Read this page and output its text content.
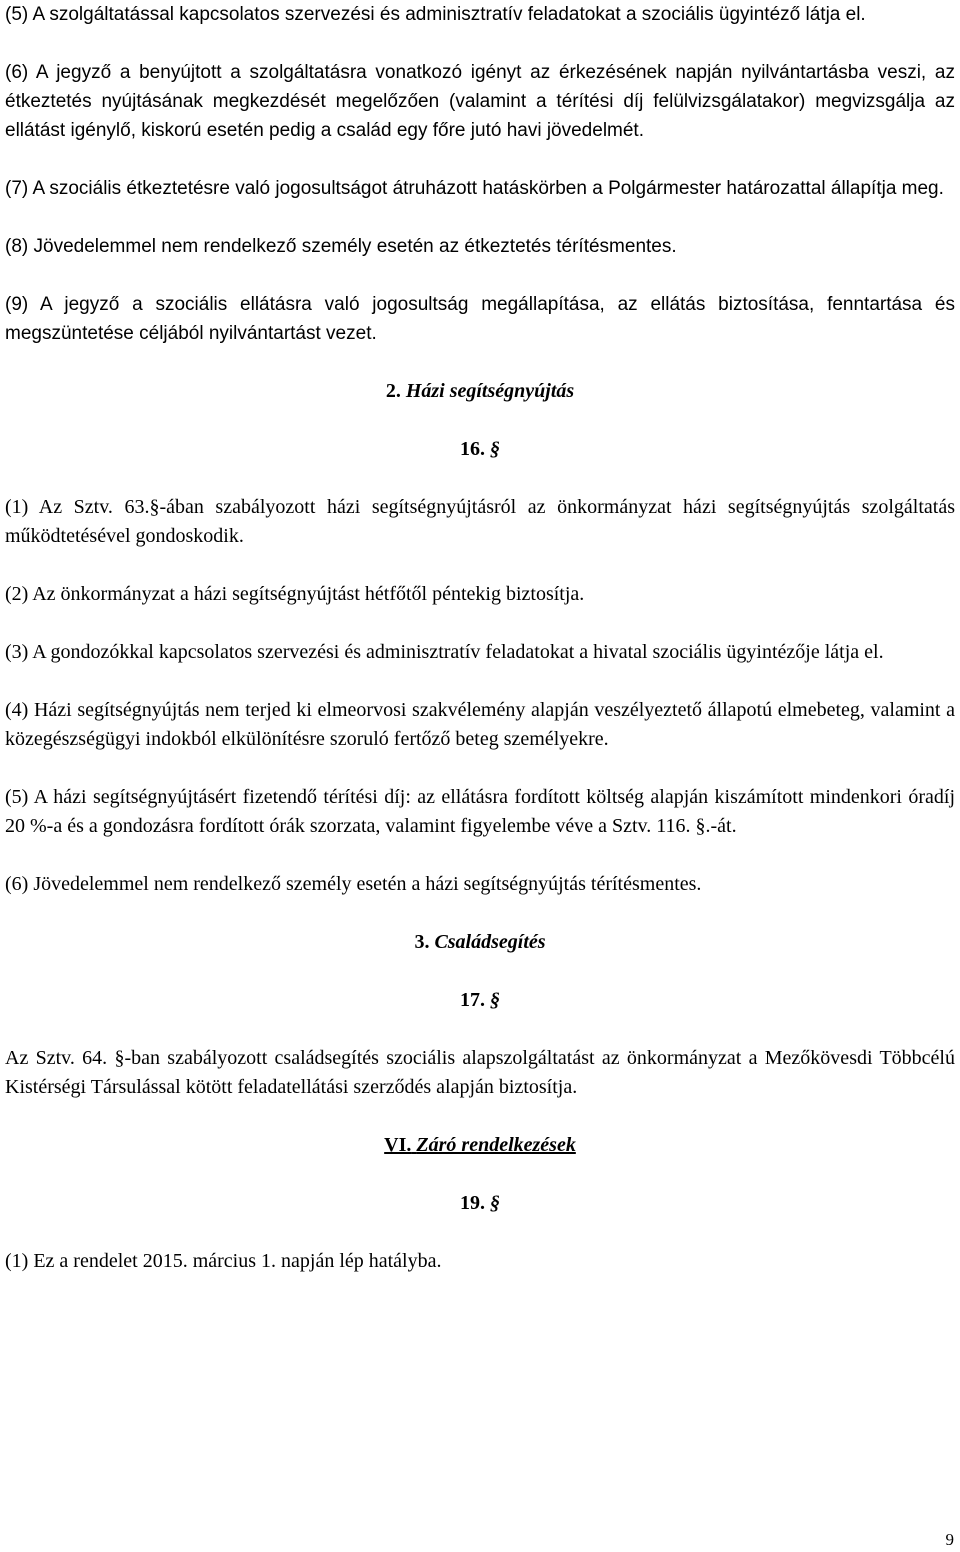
(5) A szolgáltatással kapcsolatos szervezési és adminisztratív feladatokat a szociális ügyintéző látja el.

(6) A jegyző a benyújtott a szolgáltatásra vonatkozó igényt az érkezésének napján nyilvántartásba veszi, az étkeztetés nyújtásának megkezdését megelőzően (valamint a térítési díj felülvizsgálatakor) megvizsgálja az ellátást igénylő, kiskorú esetén pedig a család egy főre jutó havi jövedelmét.

(7) A szociális étkeztetésre való jogosultságot átruházott hatáskörben a Polgármester határozattal állapítja meg.

(8) Jövedelemmel nem rendelkező személy esetén az étkeztetés térítésmentes.

(9) A jegyző a szociális ellátásra való jogosultság megállapítása, az ellátás biztosítása, fenntartása és megszüntetése céljából nyilvántartást vezet.

2. Házi segítségnyújtás

16. §

(1) Az Sztv. 63.§-ában szabályozott házi segítségnyújtásról az önkormányzat házi segítségnyújtás szolgáltatás működtetésével gondoskodik.

(2) Az önkormányzat a házi segítségnyújtást hétfőtől péntekig biztosítja.

(3) A gondozókkal kapcsolatos szervezési és adminisztratív feladatokat a hivatal szociális ügyintézője látja el.

(4) Házi segítségnyújtás nem terjed ki elmeorvosi szakvélemény alapján veszélyeztető állapotú elmebeteg, valamint a közegészségügyi indokból elkülönítésre szoruló fertőző beteg személyekre.

(5) A házi segítségnyújtásért fizetendő térítési díj: az ellátásra fordított költség alapján kiszámított mindenkori óradíj 20 %-a és a gondozásra fordított órák szorzata, valamint figyelembe véve a Sztv. 116. §.-át.

(6) Jövedelemmel nem rendelkező személy esetén a házi segítségnyújtás térítésmentes.

3. Családsegítés

17. §

Az Sztv. 64. §-ban szabályozott családsegítés szociális alapszolgáltatást az önkormányzat a Mezőkövesdi Többcélú Kistérségi Társulással kötött feladatellátási szerződés alapján biztosítja.

VI. Záró rendelkezések

19. §

(1) Ez a rendelet 2015. március 1. napján lép hatályba.

9
